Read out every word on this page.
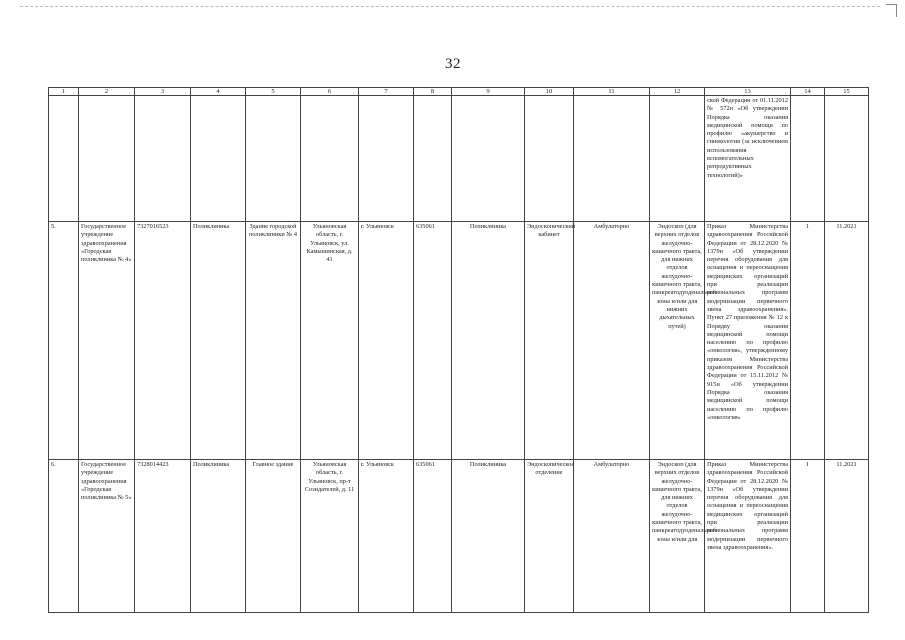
32
1	2	3	4	5	6	7	8	9	10	11	12	13	14	15
												ской Федерации от 01.11.2012 № 572н «Об утверждении Порядка оказания медицинской помощи по профилю «акушерство и гинекология (за исключением использования вспомогательных репродуктивных технологий)»		
5.	Государственное учреждение здравоохранения «Городская поликлиника № 4»	7327016523	Поликлиника	Здание городской поликлиники № 4	Ульяновская область, г. Ульяновск, ул. Камышинская, д. 41	г. Ульяновск	635061	Поликлиника	Эндоскопический кабинет	Амбулаторно	Эндоскоп (для верхних отделов желудочно-кишечного тракта, для нижних отделов желудочно-кишечного тракта, панкреатодуоденальной зоны и/или для нижних дыхательных путей)	Приказ Министерства здравоохранения Российской Федерации от 28.12.2020 № 1379н «Об утверждении перечня оборудования для оснащения и переоснащения медицинских организаций при реализации региональных программ модернизации первичного звена здравоохранения». Пункт 27 приложения № 12 к Порядку оказания медицинской помощи населению по профилю «онкология», утвержденному приказом Министерства здравоохранения Российской Федерации от 15.11.2012 № 915н «Об утверждении Порядка оказания медицинской помощи населению по профилю «онкология»	1	11.2021
6.	Государственное учреждение здравоохранения «Городская поликлиника № 5»	7328014423	Поликлиника	Главное здание	Ульяновская область, г. Ульяновск, пр-т Созидателей, д. 11	г. Ульяновск	635061	Поликлиника	Эндоскопическое отделение	Амбулаторно	Эндоскоп (для верхних отделов желудочно-кишечного тракта, для нижних отделов желудочно-кишечного тракта, панкреатодуоденальной зоны и/или для	Приказ Министерства здравоохранения Российской Федерации от 28.12.2020 № 1379н «Об утверждении перечня оборудования для оснащения и переоснащения медицинских организаций при реализации региональных программ модернизации первичного звена здравоохранения».	1	11.2021
